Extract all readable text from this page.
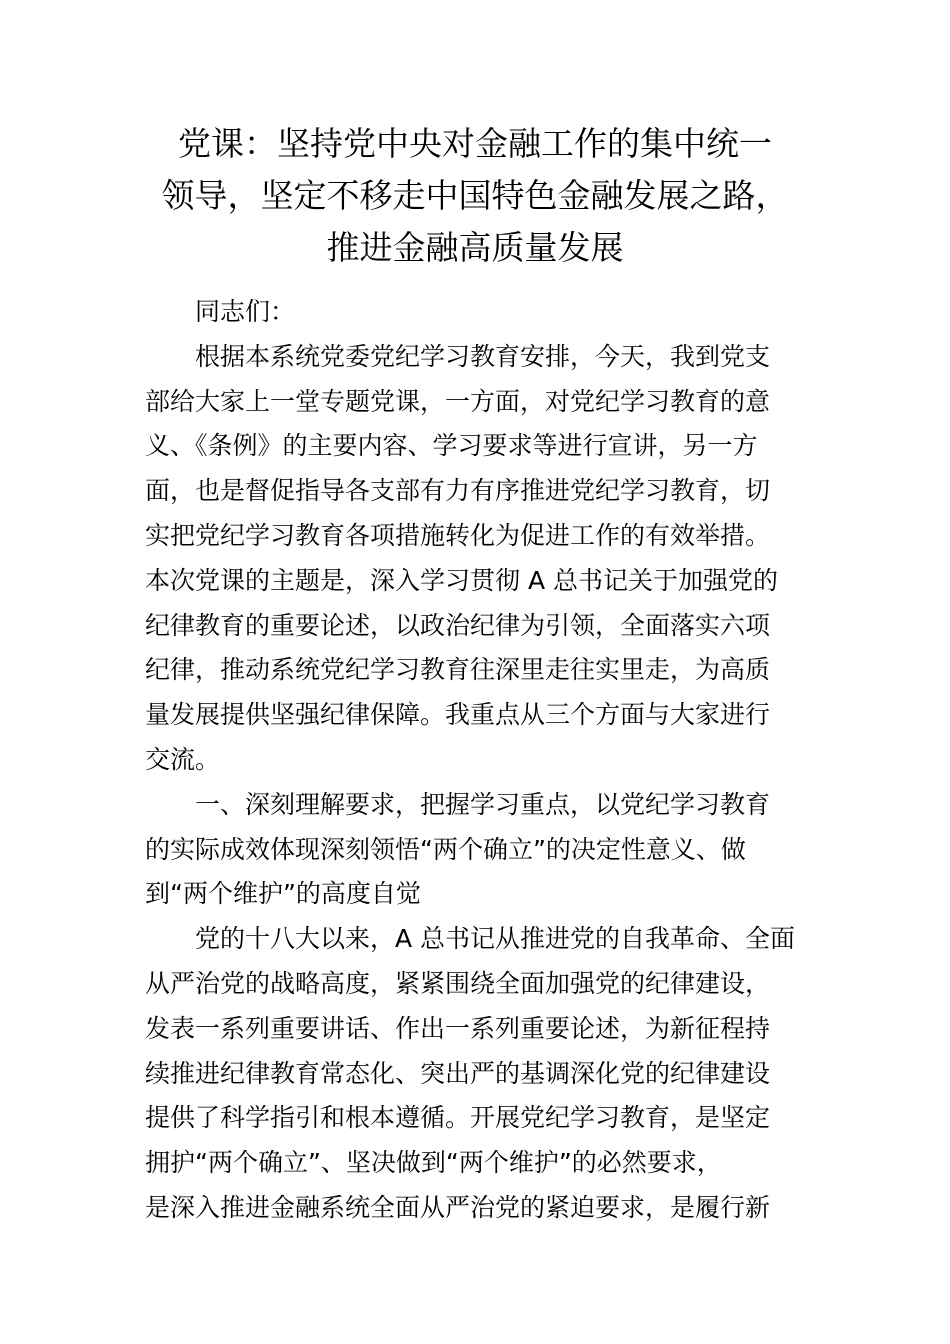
党课：坚持党中央对金融工作的集中统一
领导，坚定不移走中国特色金融发展之路，
推进金融高质量发展

同志们：

根据本系统党委党纪学习教育安排，今天，我到党支
部给大家上一堂专题党课，一方面，对党纪学习教育的意
义、《条例》的主要内容、学习要求等进行宣讲，另一方
面，也是督促指导各支部有力有序推进党纪学习教育，切
实把党纪学习教育各项措施转化为促进工作的有效举措。
本次党课的主题是，深入学习贯彻 A 总书记关于加强党的
纪律教育的重要论述，以政治纪律为引领，全面落实六项
纪律，推动系统党纪学习教育往深里走往实里走，为高质
量发展提供坚强纪律保障。我重点从三个方面与大家进行
交流。

一、深刻理解要求，把握学习重点，以党纪学习教育
的实际成效体现深刻领悟“两个确立”的决定性意义、做
到“两个维护”的高度自觉

党的十八大以来，A 总书记从推进党的自我革命、全面
从严治党的战略高度，紧紧围绕全面加强党的纪律建设，
发表一系列重要讲话、作出一系列重要论述，为新征程持
续推进纪律教育常态化、突出严的基调深化党的纪律建设
提供了科学指引和根本遵循。开展党纪学习教育，是坚定
拥护“两个确立”、坚决做到“两个维护”的必然要求，
是深入推进金融系统全面从严治党的紧迫要求，是履行新
